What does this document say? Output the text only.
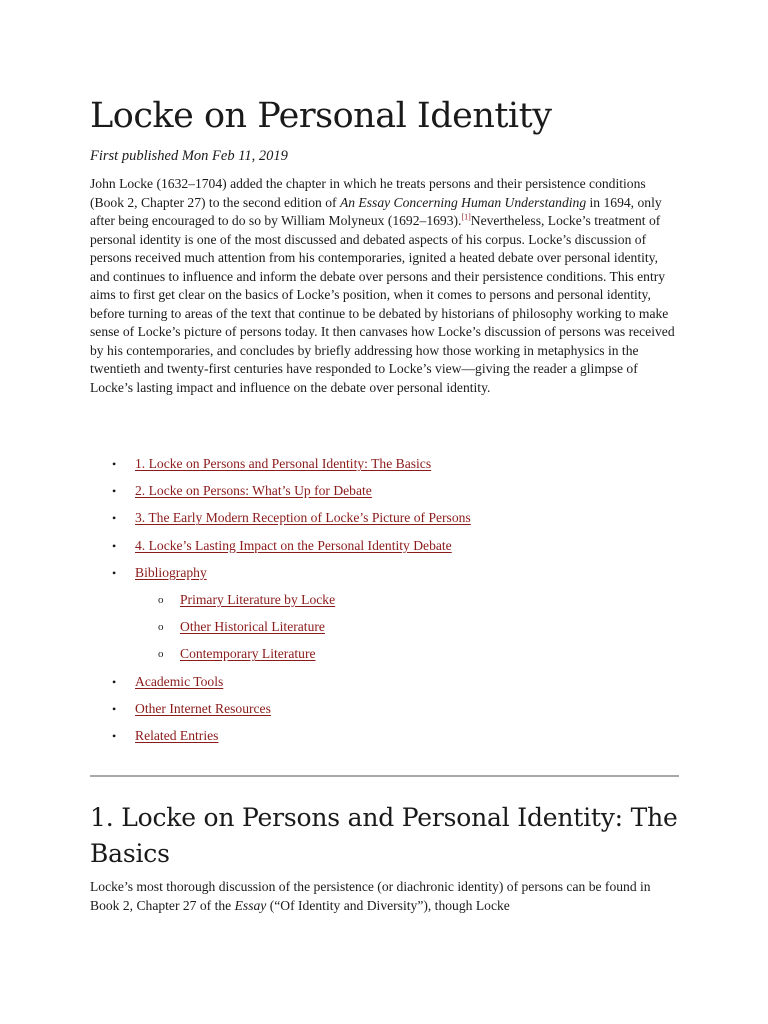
Locke on Personal Identity

First published Mon Feb 11, 2019

John Locke (1632–1704) added the chapter in which he treats persons and their persistence conditions (Book 2, Chapter 27) to the second edition of An Essay Concerning Human Understanding in 1694, only after being encouraged to do so by William Molyneux (1692–1693).[1]Nevertheless, Locke’s treatment of personal identity is one of the most discussed and debated aspects of his corpus. Locke’s discussion of persons received much attention from his contemporaries, ignited a heated debate over personal identity, and continues to influence and inform the debate over persons and their persistence conditions. This entry aims to first get clear on the basics of Locke’s position, when it comes to persons and personal identity, before turning to areas of the text that continue to be debated by historians of philosophy working to make sense of Locke’s picture of persons today. It then canvases how Locke’s discussion of persons was received by his contemporaries, and concludes by briefly addressing how those working in metaphysics in the twentieth and twenty-first centuries have responded to Locke’s view—giving the reader a glimpse of Locke’s lasting impact and influence on the debate over personal identity.

• 1. Locke on Persons and Personal Identity: The Basics
• 2. Locke on Persons: What’s Up for Debate
• 3. The Early Modern Reception of Locke’s Picture of Persons
• 4. Locke’s Lasting Impact on the Personal Identity Debate
• Bibliography
o Primary Literature by Locke
o Other Historical Literature
o Contemporary Literature
• Academic Tools
• Other Internet Resources
• Related Entries
1. Locke on Persons and Personal Identity: The Basics

Locke’s most thorough discussion of the persistence (or diachronic identity) of persons can be found in Book 2, Chapter 27 of the Essay (“Of Identity and Diversity”), though Locke
